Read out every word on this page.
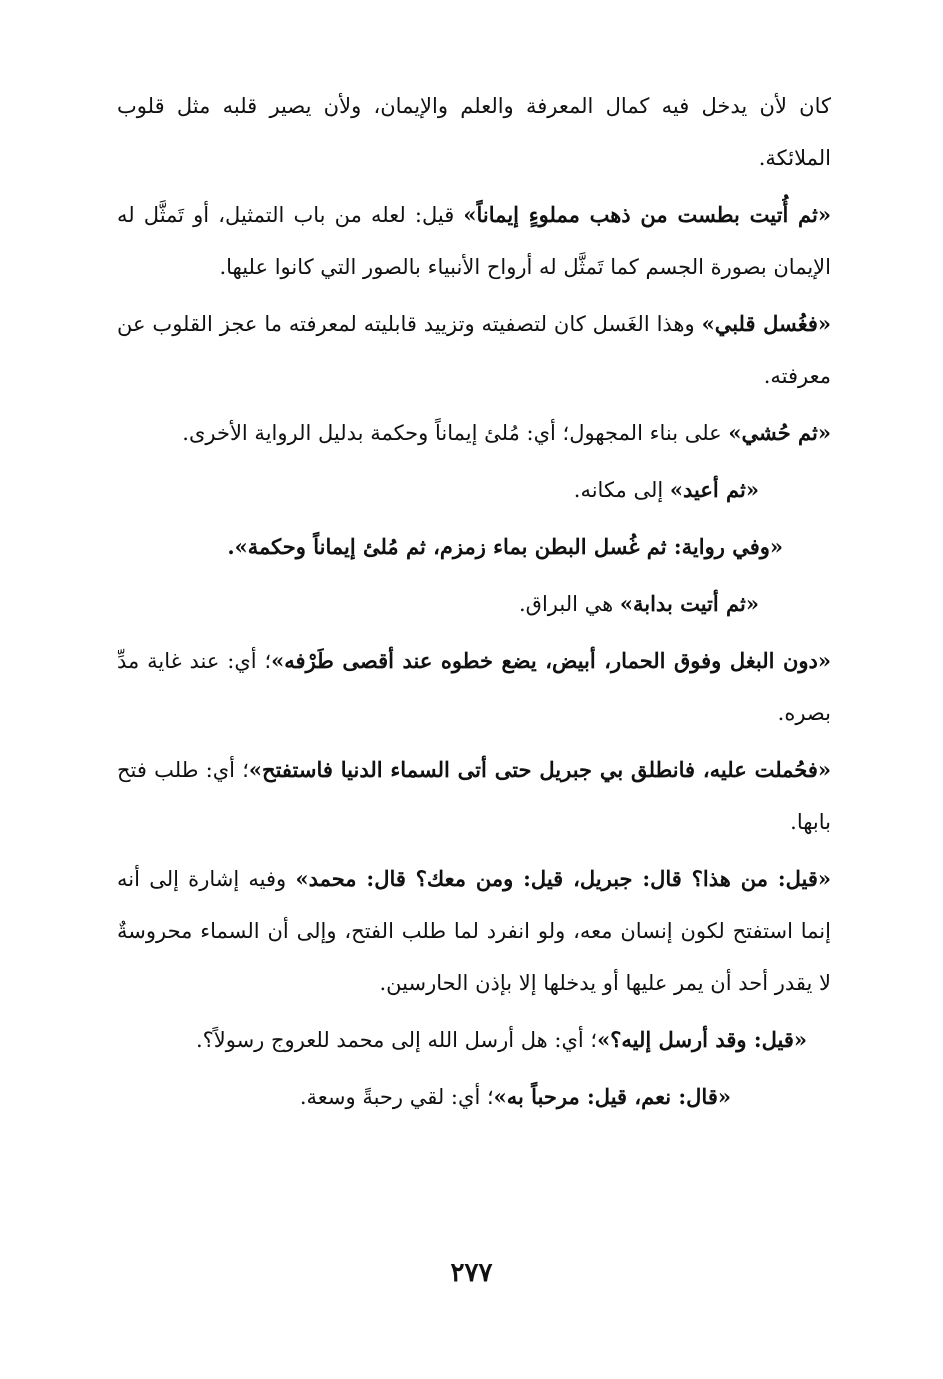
كان لأن يدخل فيه كمال المعرفة والعلم والإيمان، ولأن يصير قلبه مثل قلوب الملائكة.

«ثم أُتيت بطست من ذهب مملوءٍ إيماناً» قيل: لعله من باب التمثيل، أو تَمثَّل له الإيمان بصورة الجسم كما تَمثَّل له أرواح الأنبياء بالصور التي كانوا عليها.

«فغُسل قلبي» وهذا الغَسل كان لتصفيته وتزييد قابليته لمعرفته ما عجز القلوب عن معرفته.

«ثم حُشي» على بناء المجهول؛ أي: مُلئ إيماناً وحكمة بدليل الرواية الأخرى.

«ثم أعيد» إلى مكانه.

«وفي رواية: ثم غُسل البطن بماء زمزم، ثم مُلئ إيماناً وحكمة».

«ثم أتيت بدابة» هي البراق.

«دون البغل وفوق الحمار، أبيض، يضع خطوه عند أقصى طَرْفه»؛ أي: عند غاية مدِّ بصره.

«فحُملت عليه، فانطلق بي جبريل حتى أتى السماء الدنيا فاستفتح»؛ أي: طلب فتح بابها.

«قيل: من هذا؟ قال: جبريل، قيل: ومن معك؟ قال: محمد» وفيه إشارة إلى أنه إنما استفتح لكون إنسان معه، ولو انفرد لما طلب الفتح، وإلى أن السماء محروسةٌ لا يقدر أحد أن يمر عليها أو يدخلها إلا بإذن الحارسين.

«قيل: وقد أرسل إليه؟»؛ أي: هل أرسل الله إلى محمد للعروج رسولاً؟.

«قال: نعم، قيل: مرحباً به»؛ أي: لقي رحبةً وسعة.

٢٧٧
